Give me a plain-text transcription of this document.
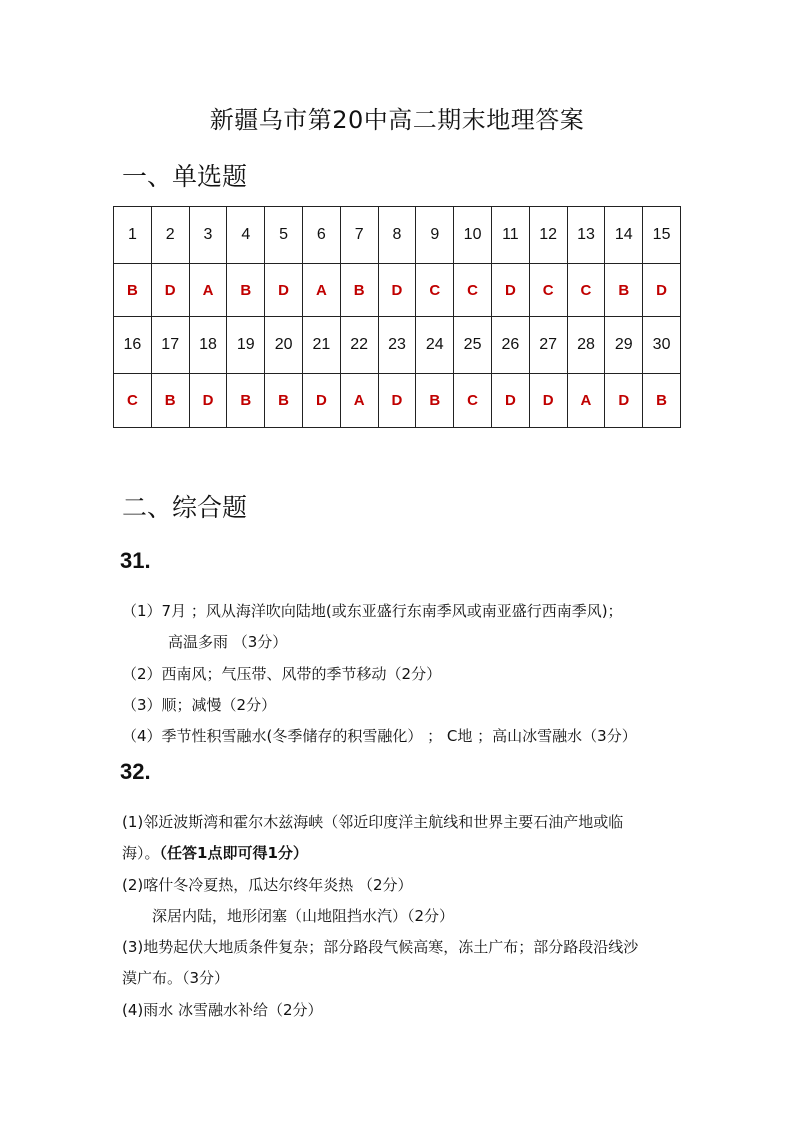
新疆乌市第20中高二期末地理答案
一、单选题
1	2	3	4	5	6	7	8	9	10	11	12	13	14	15
B	D	A	B	D	A	B	D	C	C	D	C	C	B	D
16	17	18	19	20	21	22	23	24	25	26	27	28	29	30
C	B	D	B	B	D	A	D	B	C	D	D	A	D	B
二、综合题
31.
（1）7月 ；风从海洋吹向陆地(或东亚盛行东南季风或南亚盛行西南季风)；
高温多雨 （3分）
（2）西南风；气压带、风带的季节移动（2分）
（3）顺；减慢（2分）
（4）季节性积雪融水(冬季储存的积雪融化） ； C地 ；高山冰雪融水（3分）
32.
(1)邻近波斯湾和霍尔木兹海峡（邻近印度洋主航线和世界主要石油产地或临
海）。（任答1点即可得1分）
(2)喀什冬冷夏热，瓜达尔终年炎热 （2分）
深居内陆，地形闭塞（山地阻挡水汽）（2分）
(3)地势起伏大地质条件复杂；部分路段气候高寒，冻土广布；部分路段沿线沙
漠广布。（3分）
(4)雨水 冰雪融水补给（2分）
